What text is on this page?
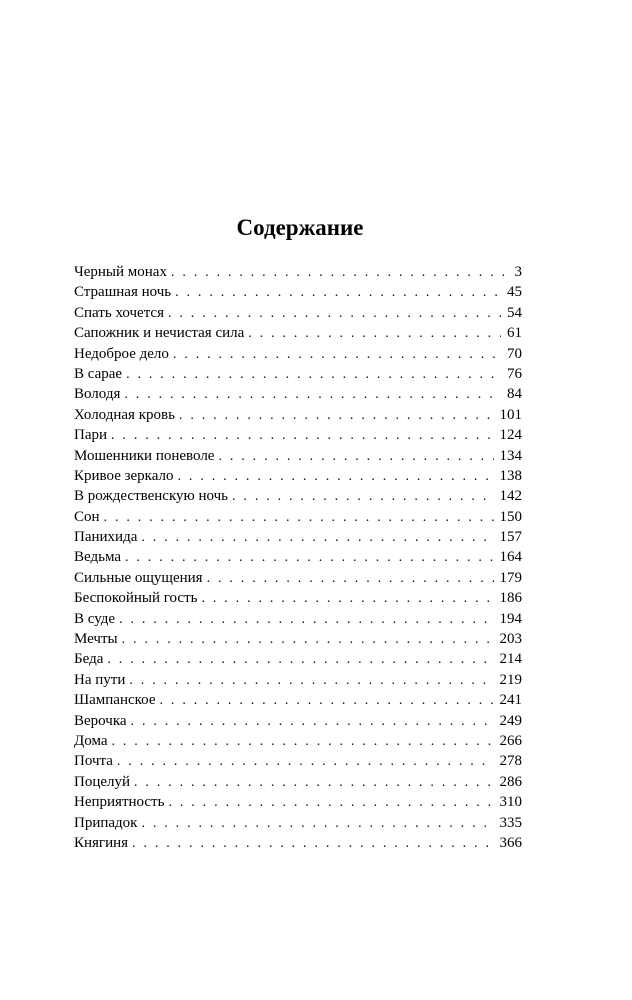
Содержание
Черный монах . . .	3
Страшная ночь . . .	45
Спать хочется . . .	54
Сапожник и нечистая сила . . .	61
Недоброе дело . . .	70
В сарае . . .	76
Володя . . .	84
Холодная кровь . . .	101
Пари . . .	124
Мошенники поневоле . . .	134
Кривое зеркало . . .	138
В рождественскую ночь . . .	142
Сон . . .	150
Панихида . . .	157
Ведьма . . .	164
Сильные ощущения . . .	179
Беспокойный гость . . .	186
В суде . . .	194
Мечты . . .	203
Беда . . .	214
На пути . . .	219
Шампанское . . .	241
Верочка . . .	249
Дома . . .	266
Почта . . .	278
Поцелуй . . .	286
Неприятность . . .	310
Припадок . . .	335
Княгиня . . .	366
